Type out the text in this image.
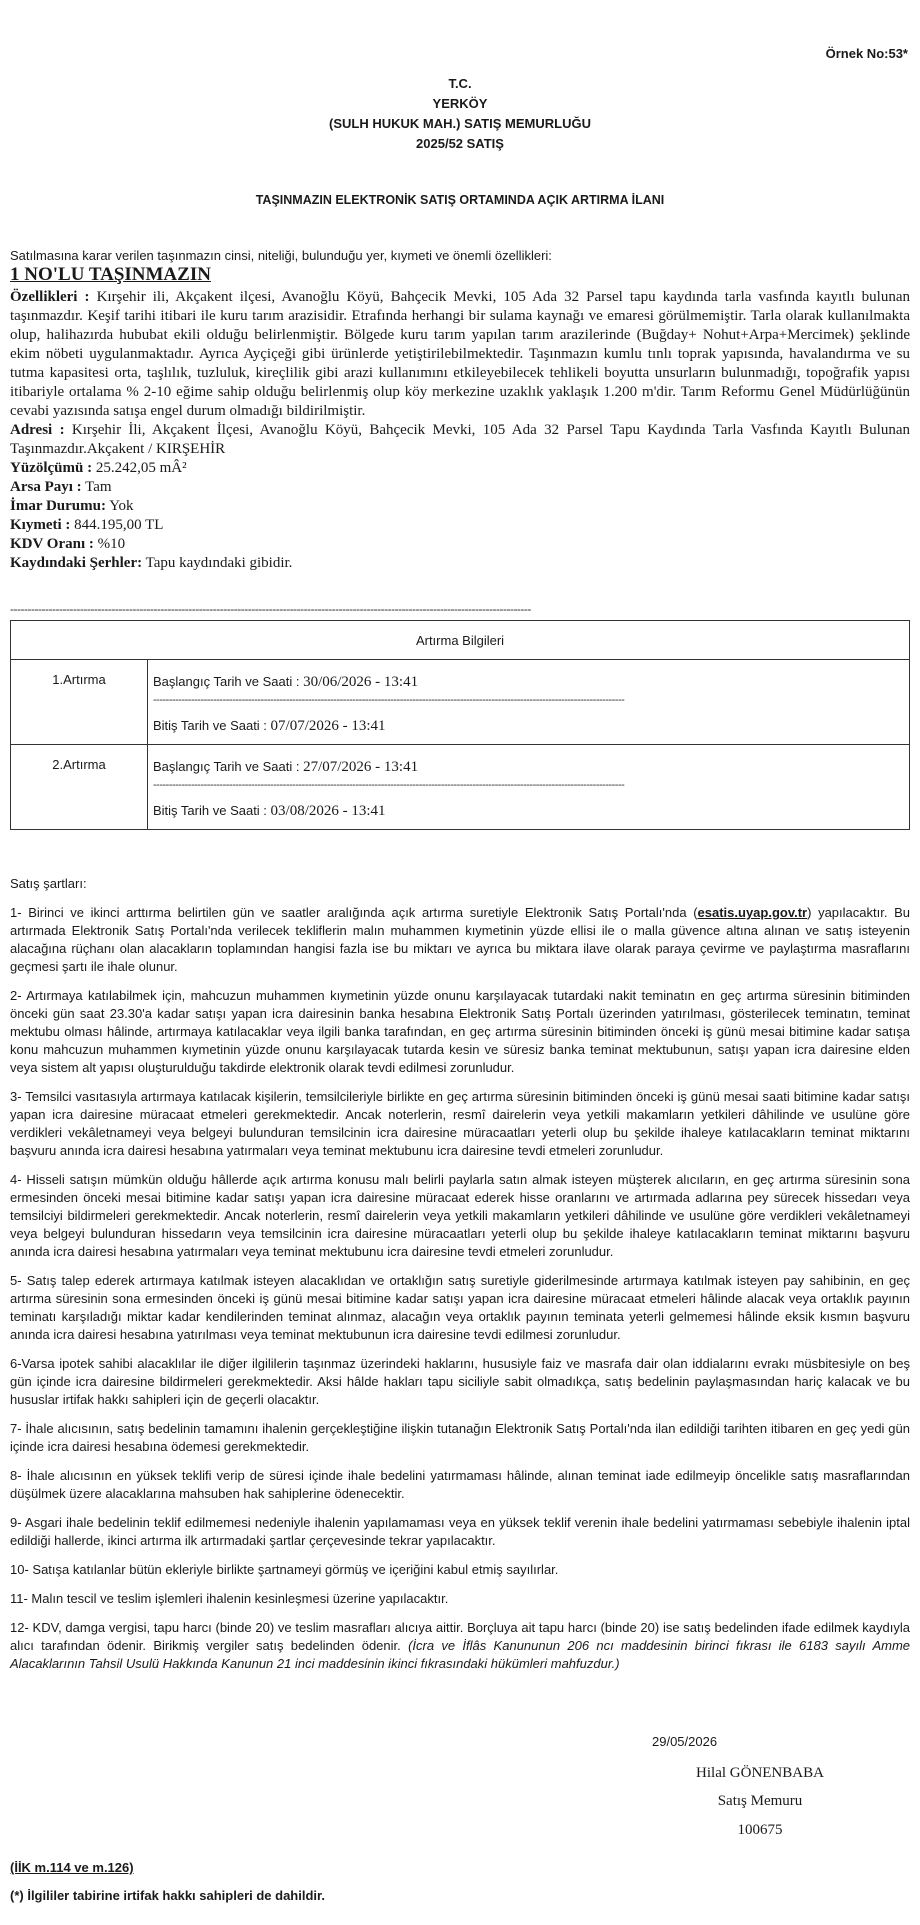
Örnek No:53*
T.C.
YERKÖY
(SULH HUKUK MAH.) SATIŞ MEMURLUĞU
2025/52 SATIŞ
TAŞINMAZIN ELEKTRONİK SATIŞ ORTAMINDA AÇIK ARTIRMA İLANI
Satılmasına karar verilen taşınmazın cinsi, niteliği, bulunduğu yer, kıymeti ve önemli özellikleri:
1 NO'LU TAŞINMAZIN

Özellikleri : Kırşehir ili, Akçakent ilçesi, Avanoğlu Köyü, Bahçecik Mevki, 105 Ada 32 Parsel tapu kaydında tarla vasfında kayıtlı bulunan taşınmazdır. Keşif tarihi itibari ile kuru tarım arazisidir. Etrafında herhangi bir sulama kaynağı ve emaresi görülmemiştir. Tarla olarak kullanılmakta olup, halihazırda hububat ekili olduğu belirlenmiştir. Bölgede kuru tarım yapılan tarım arazilerinde (Buğday+ Nohut+Arpa+Mercimek) şeklinde ekim nöbeti uygulanmaktadır. Ayrıca Ayçiçeği gibi ürünlerde yetiştirilebilmektedir. Taşınmazın kumlu tınlı toprak yapısında, havalandırma ve su tutma kapasitesi orta, taşlılık, tuzluluk, kireçlilik gibi arazi kullanımını etkileyebilecek tehlikeli boyutta unsurların bulunmadığı, topoğrafik yapısı itibariyle ortalama % 2-10 eğime sahip olduğu belirlenmiş olup köy merkezine uzaklık yaklaşık 1.200 m'dir. Tarım Reformu Genel Müdürlüğünün cevabi yazısında satışa engel durum olmadığı bildirilmiştir.

Adresi : Kırşehir İli, Akçakent İlçesi, Avanoğlu Köyü, Bahçecik Mevki, 105 Ada 32 Parsel Tapu Kaydında Tarla Vasfında Kayıtlı Bulunan Taşınmazdır.Akçakent / KIRŞEHİR

Yüzölçümü : 25.242,05 mÂ²

Arsa Payı : Tam

İmar Durumu: Yok

Kıymeti : 844.195,00 TL

KDV Oranı : %10

Kaydındaki Şerhler: Tapu kaydındaki gibidir.

-----------------------------------------------------------------------------------------------------------------------------------------------------
Artırma Bilgileri	
1.Artırma	Başlangıç Tarih ve Saati : 30/06/2026 - 13:41
-----------------------------------------------------------------------------------------------------------------------------------------------------
Bitiş Tarih ve Saati : 07/07/2026 - 13:41

2.Artırma	Başlangıç Tarih ve Saati : 27/07/2026 - 13:41
-----------------------------------------------------------------------------------------------------------------------------------------------------
Bitiş Tarih ve Saati : 03/08/2026 - 13:41
Satış şartları:

1- Birinci ve ikinci arttırma belirtilen gün ve saatler aralığında açık artırma suretiyle Elektronik Satış Portalı'nda (esatis.uyap.gov.tr) yapılacaktır. Bu artırmada Elektronik Satış Portalı'nda verilecek tekliflerin malın muhammen kıymetinin yüzde ellisi ile o malla güvence altına alınan ve satış isteyenin alacağına rüçhanı olan alacakların toplamından hangisi fazla ise bu miktarı ve ayrıca bu miktara ilave olarak paraya çevirme ve paylaştırma masraflarını geçmesi şartı ile ihale olunur.

2- Artırmaya katılabilmek için, mahcuzun muhammen kıymetinin yüzde onunu karşılayacak tutardaki nakit teminatın en geç artırma süresinin bitiminden önceki gün saat 23.30'a kadar satışı yapan icra dairesinin banka hesabına Elektronik Satış Portalı üzerinden yatırılması, gösterilecek teminatın, teminat mektubu olması hâlinde, artırmaya katılacaklar veya ilgili banka tarafından, en geç artırma süresinin bitiminden önceki iş günü mesai bitimine kadar satışa konu mahcuzun muhammen kıymetinin yüzde onunu karşılayacak tutarda kesin ve süresiz banka teminat mektubunun, satışı yapan icra dairesine elden veya sistem alt yapısı oluşturulduğu takdirde elektronik olarak tevdi edilmesi zorunludur.

3- Temsilci vasıtasıyla artırmaya katılacak kişilerin, temsilcileriyle birlikte en geç artırma süresinin bitiminden önceki iş günü mesai saati bitimine kadar satışı yapan icra dairesine müracaat etmeleri gerekmektedir. Ancak noterlerin, resmî dairelerin veya yetkili makamların yetkileri dâhilinde ve usulüne göre verdikleri vekâletnameyi veya belgeyi bulunduran temsilcinin icra dairesine müracaatları yeterli olup bu şekilde ihaleye katılacakların teminat miktarını başvuru anında icra dairesi hesabına yatırmaları veya teminat mektubunu icra dairesine tevdi etmeleri zorunludur.

4- Hisseli satışın mümkün olduğu hâllerde açık artırma konusu malı belirli paylarla satın almak isteyen müşterek alıcıların, en geç artırma süresinin sona ermesinden önceki mesai bitimine kadar satışı yapan icra dairesine müracaat ederek hisse oranlarını ve artırmada adlarına pey sürecek hissedarı veya temsilciyi bildirmeleri gerekmektedir. Ancak noterlerin, resmî dairelerin veya yetkili makamların yetkileri dâhilinde ve usulüne göre verdikleri vekâletnameyi veya belgeyi bulunduran hissedarın veya temsilcinin icra dairesine müracaatları yeterli olup bu şekilde ihaleye katılacakların teminat miktarını başvuru anında icra dairesi hesabına yatırmaları veya teminat mektubunu icra dairesine tevdi etmeleri zorunludur.

5- Satış talep ederek artırmaya katılmak isteyen alacaklıdan ve ortaklığın satış suretiyle giderilmesinde artırmaya katılmak isteyen pay sahibinin, en geç artırma süresinin sona ermesinden önceki iş günü mesai bitimine kadar satışı yapan icra dairesine müracaat etmeleri hâlinde alacak veya ortaklık payının teminatı karşıladığı miktar kadar kendilerinden teminat alınmaz, alacağın veya ortaklık payının teminata yeterli gelmemesi hâlinde eksik kısmın başvuru anında icra dairesi hesabına yatırılması veya teminat mektubunun icra dairesine tevdi edilmesi zorunludur.

6-Varsa ipotek sahibi alacaklılar ile diğer ilgililerin taşınmaz üzerindeki haklarını, hususiyle faiz ve masrafa dair olan iddialarını evrakı müsbitesiyle on beş gün içinde icra dairesine bildirmeleri gerekmektedir. Aksi hâlde hakları tapu siciliyle sabit olmadıkça, satış bedelinin paylaşmasından hariç kalacak ve bu hususlar irtifak hakkı sahipleri için de geçerli olacaktır.

7- İhale alıcısının, satış bedelinin tamamını ihalenin gerçekleştiğine ilişkin tutanağın Elektronik Satış Portalı'nda ilan edildiği tarihten itibaren en geç yedi gün içinde icra dairesi hesabına ödemesi gerekmektedir.

8- İhale alıcısının en yüksek teklifi verip de süresi içinde ihale bedelini yatırmaması hâlinde, alınan teminat iade edilmeyip öncelikle satış masraflarından düşülmek üzere alacaklarına mahsuben hak sahiplerine ödenecektir.

9- Asgari ihale bedelinin teklif edilmemesi nedeniyle ihalenin yapılamaması veya en yüksek teklif verenin ihale bedelini yatırmaması sebebiyle ihalenin iptal edildiği hallerde, ikinci artırma ilk artırmadaki şartlar çerçevesinde tekrar yapılacaktır.

10- Satışa katılanlar bütün ekleriyle birlikte şartnameyi görmüş ve içeriğini kabul etmiş sayılırlar.

11- Malın tescil ve teslim işlemleri ihalenin kesinleşmesi üzerine yapılacaktır.

12- KDV, damga vergisi, tapu harcı (binde 20) ve teslim masrafları alıcıya aittir. Borçluya ait tapu harcı (binde 20) ise satış bedelinden ifade edilmek kaydıyla alıcı tarafından ödenir. Birikmiş vergiler satış bedelinden ödenir. (İcra ve İflâs Kanununun 206 ncı maddesinin birinci fıkrası ile 6183 sayılı Amme Alacaklarının Tahsil Usulü Hakkında Kanunun 21 inci maddesinin ikinci fıkrasındaki hükümleri mahfuzdur.)

29/05/2026
Hilal GÖNENBABA
Satış Memuru
100675
(İİK m.114 ve m.126)
(*) İlgililer tabirine irtifak hakkı sahipleri de dahildir.
